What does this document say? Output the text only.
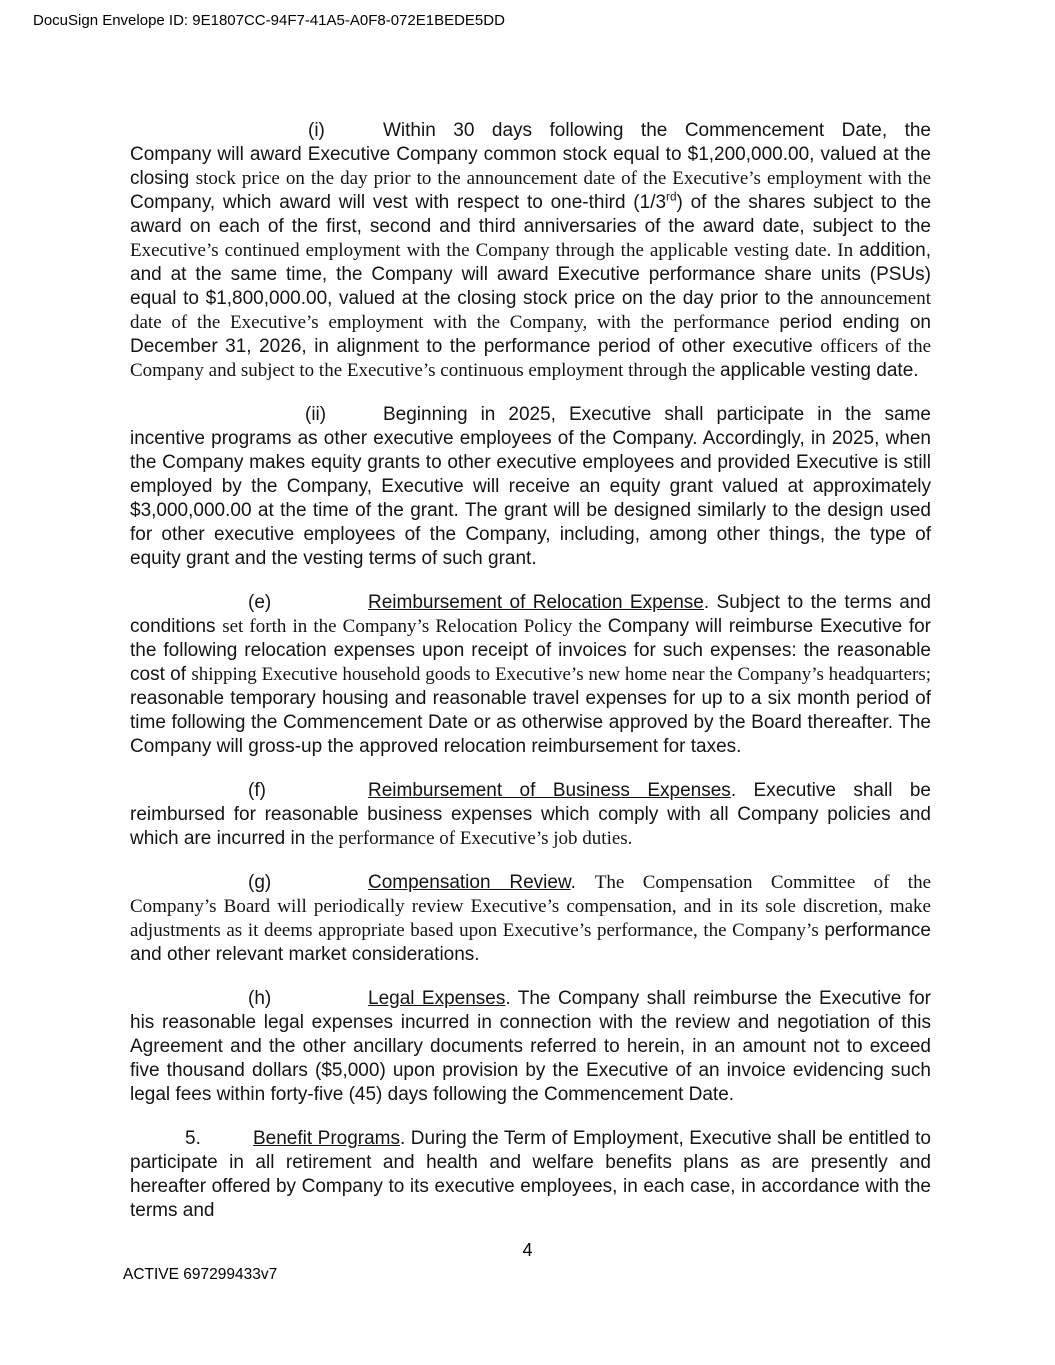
DocuSign Envelope ID: 9E1807CC-94F7-41A5-A0F8-072E1BEDE5DD

(i)	Within 30 days following the Commencement Date, the Company will award Executive Company common stock equal to $1,200,000.00, valued at the closing stock price on the day prior to the announcement date of the Executive’s employment with the Company, which award will vest with respect to one-third (1/3rd) of the shares subject to the award on each of the first, second and third anniversaries of the award date, subject to the Executive’s continued employment with the Company through the applicable vesting date. In addition, and at the same time, the Company will award Executive performance share units (PSUs) equal to $1,800,000.00, valued at the closing stock price on the day prior to the announcement date of the Executive’s employment with the Company, with the performance period ending on December 31, 2026, in alignment to the performance period of other executive officers of the Company and subject to the Executive’s continuous employment through the applicable vesting date.

(ii)	Beginning in 2025, Executive shall participate in the same incentive programs as other executive employees of the Company. Accordingly, in 2025, when the Company makes equity grants to other executive employees and provided Executive is still employed by the Company, Executive will receive an equity grant valued at approximately $3,000,000.00 at the time of the grant. The grant will be designed similarly to the design used for other executive employees of the Company, including, among other things, the type of equity grant and the vesting terms of such grant.

(e)	Reimbursement of Relocation Expense. Subject to the terms and conditions set forth in the Company’s Relocation Policy the Company will reimburse Executive for the following relocation expenses upon receipt of invoices for such expenses: the reasonable cost of shipping Executive household goods to Executive’s new home near the Company’s headquarters; reasonable temporary housing and reasonable travel expenses for up to a six month period of time following the Commencement Date or as otherwise approved by the Board thereafter. The Company will gross-up the approved relocation reimbursement for taxes.

(f)	Reimbursement of Business Expenses. Executive shall be reimbursed for reasonable business expenses which comply with all Company policies and which are incurred in the performance of Executive’s job duties.

(g)	Compensation Review. The Compensation Committee of the Company’s Board will periodically review Executive’s compensation, and in its sole discretion, make adjustments as it deems appropriate based upon Executive’s performance, the Company’s performance and other relevant market considerations.

(h)	Legal Expenses. The Company shall reimburse the Executive for his reasonable legal expenses incurred in connection with the review and negotiation of this Agreement and the other ancillary documents referred to herein, in an amount not to exceed five thousand dollars ($5,000) upon provision by the Executive of an invoice evidencing such legal fees within forty-five (45) days following the Commencement Date.

5.	Benefit Programs. During the Term of Employment, Executive shall be entitled to participate in all retirement and health and welfare benefits plans as are presently and hereafter offered by Company to its executive employees, in each case, in accordance with the terms and

4
ACTIVE 697299433v7
